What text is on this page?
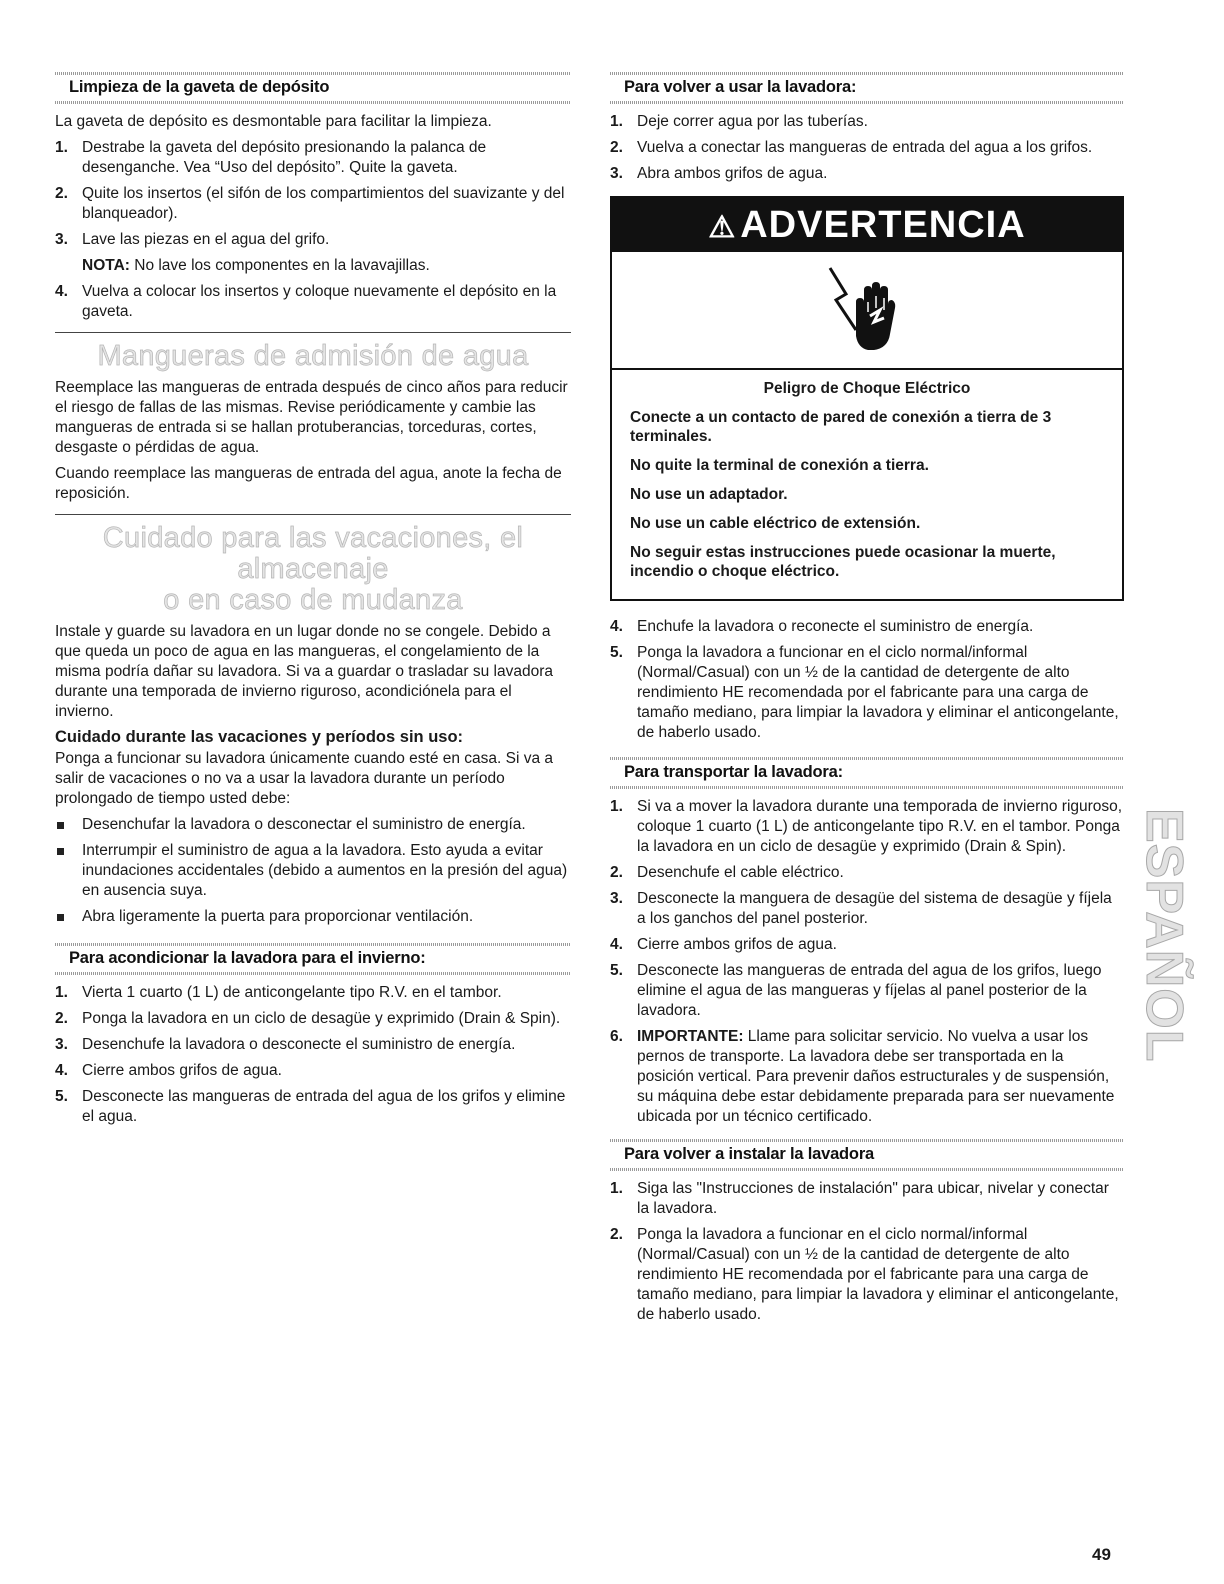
Limpieza de la gaveta de depósito

La gaveta de depósito es desmontable para facilitar la limpieza.

1. Destrabe la gaveta del depósito presionando la palanca de desenganche. Vea “Uso del depósito”. Quite la gaveta.
2. Quite los insertos (el sifón de los compartimientos del suavizante y del blanqueador).
3. Lave las piezas en el agua del grifo.
NOTA: No lave los componentes en la lavavajillas.
4. Vuelva a colocar los insertos y coloque nuevamente el depósito en la gaveta.
Mangueras de admisión de agua

Reemplace las mangueras de entrada después de cinco años para reducir el riesgo de fallas de las mismas. Revise periódicamente y cambie las mangueras de entrada si se hallan protuberancias, torceduras, cortes, desgaste o pérdidas de agua.

Cuando reemplace las mangueras de entrada del agua, anote la fecha de reposición.

Cuidado para las vacaciones, el almacenaje
o en caso de mudanza

Instale y guarde su lavadora en un lugar donde no se congele. Debido a que queda un poco de agua en las mangueras, el congelamiento de la misma podría dañar su lavadora. Si va a guardar o trasladar su lavadora durante una temporada de invierno riguroso, acondiciónela para el invierno.

Cuidado durante las vacaciones y períodos sin uso:

Ponga a funcionar su lavadora únicamente cuando esté en casa. Si va a salir de vacaciones o no va a usar la lavadora durante un período prolongado de tiempo usted debe:

Desenchufar la lavadora o desconectar el suministro de energía.
Interrumpir el suministro de agua a la lavadora. Esto ayuda a evitar inundaciones accidentales (debido a aumentos en la presión del agua) en ausencia suya.
Abra ligeramente la puerta para proporcionar ventilación.
Para acondicionar la lavadora para el invierno:
1. Vierta 1 cuarto (1 L) de anticongelante tipo R.V. en el tambor.
2. Ponga la lavadora en un ciclo de desagüe y exprimido (Drain & Spin).
3. Desenchufe la lavadora o desconecte el suministro de energía.
4. Cierre ambos grifos de agua.
5. Desconecte las mangueras de entrada del agua de los grifos y elimine el agua.
Para volver a usar la lavadora:
1. Deje correr agua por las tuberías.
2. Vuelva a conectar las mangueras de entrada del agua a los grifos.
3. Abra ambos grifos de agua.
⚠ ADVERTENCIA
Peligro de Choque Eléctrico
Conecte a un contacto de pared de conexión a tierra de 3 terminales.
No quite la terminal de conexión a tierra.
No use un adaptador.
No use un cable eléctrico de extensión.
No seguir estas instrucciones puede ocasionar la muerte, incendio o choque eléctrico.
4. Enchufe la lavadora o reconecte el suministro de energía.
5. Ponga la lavadora a funcionar en el ciclo normal/informal (Normal/Casual) con un ½ de la cantidad de detergente de alto rendimiento HE recomendada por el fabricante para una carga de tamaño mediano, para limpiar la lavadora y eliminar el anticongelante, de haberlo usado.
Para transportar la lavadora:
1. Si va a mover la lavadora durante una temporada de invierno riguroso, coloque 1 cuarto (1 L) de anticongelante tipo R.V. en el tambor. Ponga la lavadora en un ciclo de desagüe y exprimido (Drain & Spin).
2. Desenchufe el cable eléctrico.
3. Desconecte la manguera de desagüe del sistema de desagüe y fíjela a los ganchos del panel posterior.
4. Cierre ambos grifos de agua.
5. Desconecte las mangueras de entrada del agua de los grifos, luego elimine el agua de las mangueras y fíjelas al panel posterior de la lavadora.
6. IMPORTANTE: Llame para solicitar servicio. No vuelva a usar los pernos de transporte. La lavadora debe ser transportada en la posición vertical. Para prevenir daños estructurales y de suspensión, su máquina debe estar debidamente preparada para ser nuevamente ubicada por un técnico certificado.
Para volver a instalar la lavadora
1. Siga las "Instrucciones de instalación" para ubicar, nivelar y conectar la lavadora.
2. Ponga la lavadora a funcionar en el ciclo normal/informal (Normal/Casual) con un ½ de la cantidad de detergente de alto rendimiento HE recomendada por el fabricante para una carga de tamaño mediano, para limpiar la lavadora y eliminar el anticongelante, de haberlo usado.
ESPAÑOL
49
